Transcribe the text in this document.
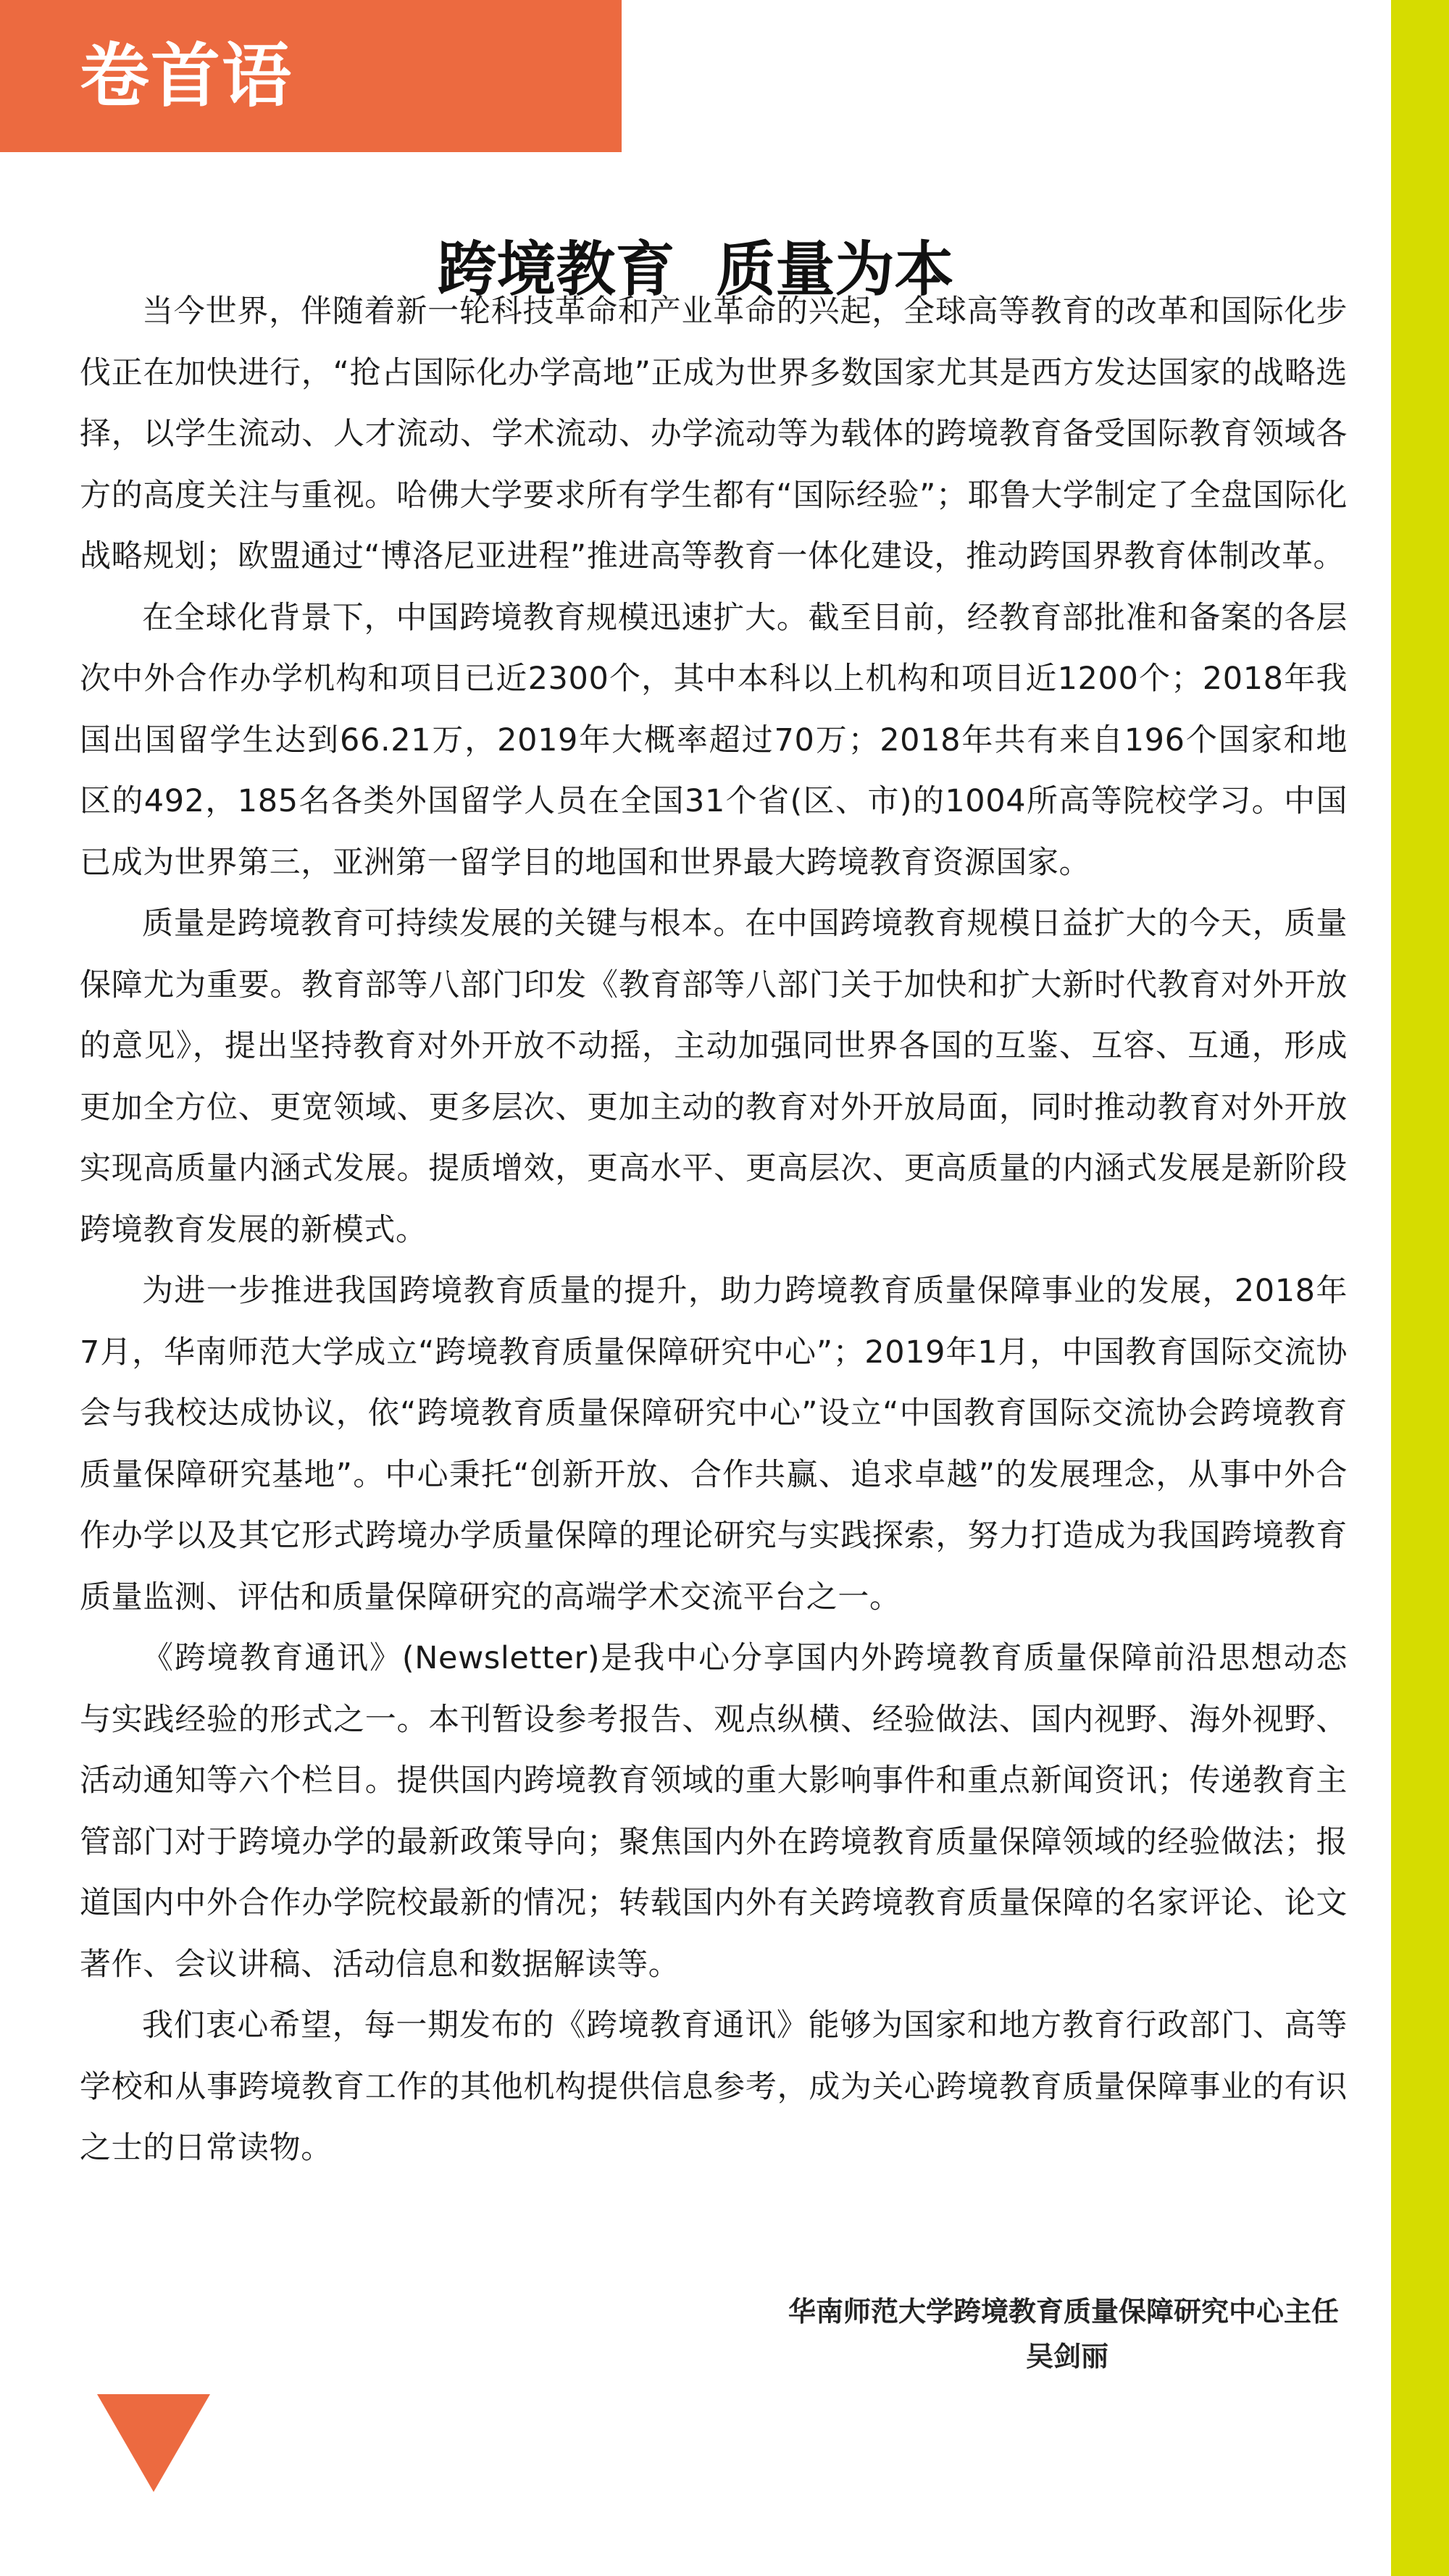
卷首语
跨境教育  质量为本

当今世界，伴随着新一轮科技革命和产业革命的兴起，全球高等教育的改革和国际化步伐正在加快进行，“抢占国际化办学高地”正成为世界多数国家尤其是西方发达国家的战略选择，以学生流动、人才流动、学术流动、办学流动等为载体的跨境教育备受国际教育领域各方的高度关注与重视。哈佛大学要求所有学生都有“国际经验”；耶鲁大学制定了全盘国际化战略规划；欧盟通过“博洛尼亚进程”推进高等教育一体化建设，推动跨国界教育体制改革。

在全球化背景下，中国跨境教育规模迅速扩大。截至目前，经教育部批准和备案的各层次中外合作办学机构和项目已近2300个，其中本科以上机构和项目近1200个；2018年我国出国留学生达到66.21万，2019年大概率超过70万；2018年共有来自196个国家和地区的492，185名各类外国留学人员在全国31个省(区、市)的1004所高等院校学习。中国已成为世界第三，亚洲第一留学目的地国和世界最大跨境教育资源国家。

质量是跨境教育可持续发展的关键与根本。在中国跨境教育规模日益扩大的今天，质量保障尤为重要。教育部等八部门印发《教育部等八部门关于加快和扩大新时代教育对外开放的意见》，提出坚持教育对外开放不动摇，主动加强同世界各国的互鉴、互容、互通，形成更加全方位、更宽领域、更多层次、更加主动的教育对外开放局面，同时推动教育对外开放实现高质量内涵式发展。提质增效，更高水平、更高层次、更高质量的内涵式发展是新阶段跨境教育发展的新模式。

为进一步推进我国跨境教育质量的提升，助力跨境教育质量保障事业的发展，2018年7月，华南师范大学成立“跨境教育质量保障研究中心”；2019年1月，中国教育国际交流协会与我校达成协议，依“跨境教育质量保障研究中心”设立“中国教育国际交流协会跨境教育质量保障研究基地”。中心秉托“创新开放、合作共赢、追求卓越”的发展理念，从事中外合作办学以及其它形式跨境办学质量保障的理论研究与实践探索，努力打造成为我国跨境教育质量监测、评估和质量保障研究的高端学术交流平台之一。

《跨境教育通讯》(Newsletter)是我中心分享国内外跨境教育质量保障前沿思想动态与实践经验的形式之一。本刊暂设参考报告、观点纵横、经验做法、国内视野、海外视野、活动通知等六个栏目。提供国内跨境教育领域的重大影响事件和重点新闻资讯；传递教育主管部门对于跨境办学的最新政策导向；聚焦国内外在跨境教育质量保障领域的经验做法；报道国内中外合作办学院校最新的情况；转载国内外有关跨境教育质量保障的名家评论、论文著作、会议讲稿、活动信息和数据解读等。

我们衷心希望，每一期发布的《跨境教育通讯》能够为国家和地方教育行政部门、高等学校和从事跨境教育工作的其他机构提供信息参考，成为关心跨境教育质量保障事业的有识之士的日常读物。

华南师范大学跨境教育质量保障研究中心主任
吴剑丽
